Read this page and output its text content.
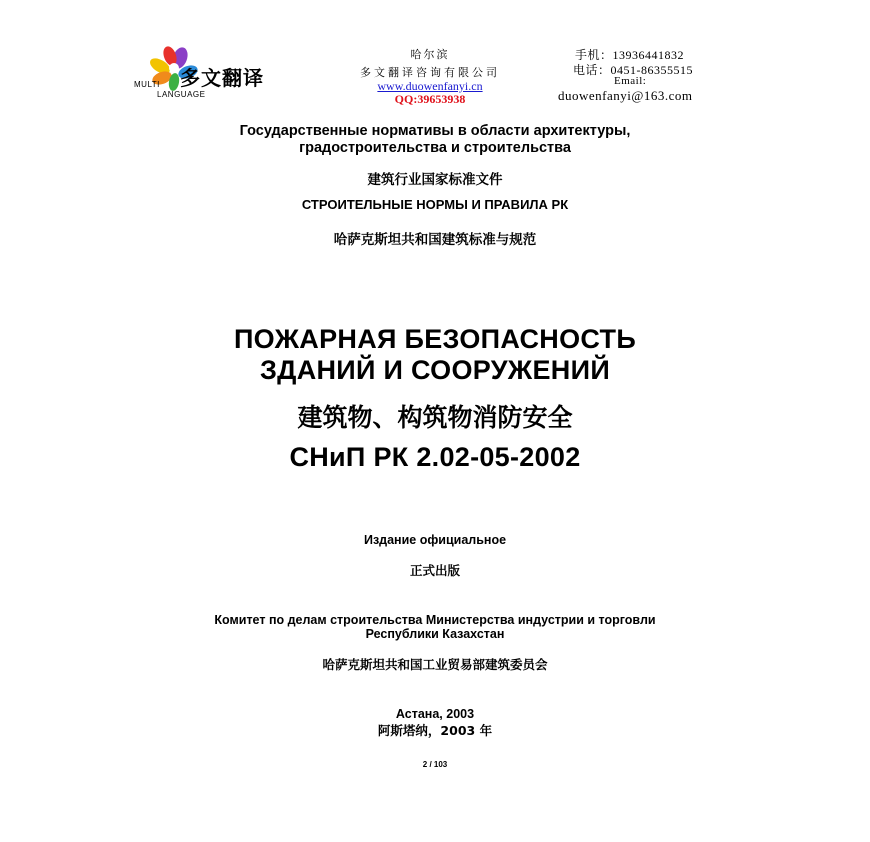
多文翻译
MULTI
LANGUAGE
哈尔滨
多文翻译咨询有限公司
www.duowenfanyi.cn
QQ:39653938
手机：13936441832
电话：0451-86355515
Email:
duowenfanyi@163.com
Государственные нормативы в области архитектуры,
градостроительства и строительства
建筑行业国家标准文件
СТРОИТЕЛЬНЫЕ НОРМЫ И ПРАВИЛА РК
哈萨克斯坦共和国建筑标准与规范
ПОЖАРНАЯ БЕЗОПАСНОСТЬ
ЗДАНИЙ И СООРУЖЕНИЙ
建筑物、构筑物消防安全
СНиП РК 2.02-05-2002
Издание официальное
正式出版
Комитет по делам строительства Министерства индустрии и торговли
Республики Казахстан
哈萨克斯坦共和国工业贸易部建筑委员会
Астана, 2003
阿斯塔纳，2003 年
2 / 103
